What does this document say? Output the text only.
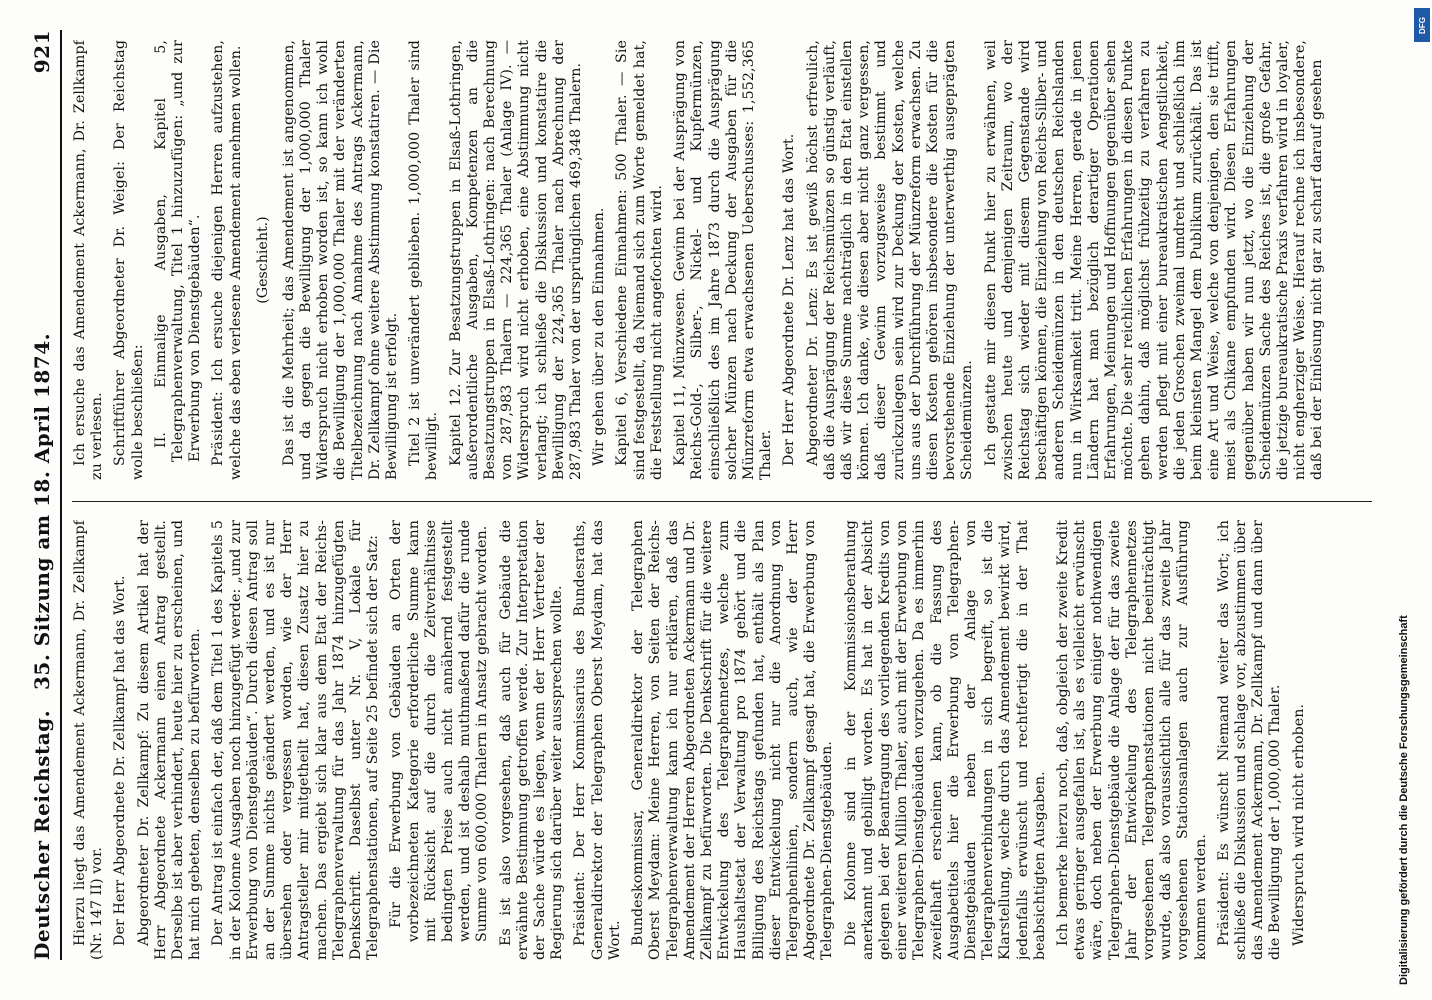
Deutscher Reichstag.
35. Sitzung am 18. April 1874.
921

Hierzu liegt das Amendement Ackermann, Dr. Zellkampf (Nr. 147 II) vor. Der Herr Abgeordnete Dr. Zellkampf hat das Wort. Abgeordneter Dr. Zellkampf: Zu diesem Artikel hat der Herr Abgeordnete Ackermann einen Antrag gestellt. Derselbe ist aber verhindert, heute hier zu erscheinen, und hat mich gebeten, denselben zu befürworten. Der Antrag ist einfach der, daß dem Titel 1 des Kapitels 5 in der Kolonne Ausgaben noch hinzugefügt werde: „und zur Erwerbung von Dienstgebäuden“. Durch diesen Antrag soll an der Summe nichts geändert werden, und es ist nur übersehen oder vergessen worden, wie der Herr Antragsteller mir mitgetheilt hat, diesen Zusatz hier zu machen. Das ergiebt sich klar aus dem Etat der Reichs-Telegraphenverwaltung für das Jahr 1874 hinzugefügten Denkschrift. Daselbst unter Nr. V, Lokale für Telegraphenstationen, auf Seite 25 befindet sich der Satz: Für die Erwerbung von Gebäuden an Orten der vorbezeichneten Kategorie erforderliche Summe kann mit Rücksicht auf die durch die Zeitverhältnisse bedingten Preise auch nicht annähernd festgestellt werden, und ist deshalb muthmaßend dafür die runde Summe von 600,000 Thalern in Ansatz gebracht worden. Es ist also vorgesehen, daß auch für Gebäude die erwähnte Bestimmung getroffen werde. Zur Interpretation der Sache würde es liegen, wenn der Herr Vertreter der Regierung sich darüber weiter aussprechen wollte. Präsident: Der Herr Kommissarius des Bundesraths, Generaldirektor der Telegraphen Oberst Meydam, hat das Wort. Bundeskommissar, Generaldirektor der Telegraphen Oberst Meydam: Meine Herren, von Seiten der Reichs-Telegraphenverwaltung kann ich nur erklären, daß das Amendement der Herren Abgeordneten Ackermann und Dr. Zellkampf zu befürworten. Die Denkschrift für die weitere Entwickelung des Telegraphennetzes, welche zum Haushaltsetat der Verwaltung pro 1874 gehört und die Billigung des Reichstags gefunden hat, enthält als Plan dieser Entwickelung nicht nur die Anordnung von Telegraphenlinien, sondern auch, wie der Herr Abgeordnete Dr. Zellkampf gesagt hat, die Erwerbung von Telegraphen-Dienstgebäuden. Die Kolonne sind in der Kommissionsberathung anerkannt und gebilligt worden. Es hat in der Absicht gelegen bei der Beantragung des vorliegenden Kredits von einer weiteren Million Thaler, auch mit der Erwerbung von Telegraphen-Dienstgebäuden vorzugehen. Da es immerhin zweifelhaft erscheinen kann, ob die Fassung des Ausgabetitels hier die Erwerbung von Telegraphen-Dienstgebäuden neben der Anlage von Telegraphenverbindungen in sich begreift, so ist die Klarstellung, welche durch das Amendement bewirkt wird, jedenfalls erwünscht und rechtfertigt die in der That beabsichtigten Ausgaben. Ich bemerke hierzu noch, daß, obgleich der zweite Kredit etwas geringer ausgefallen ist, als es vielleicht erwünscht wäre, doch neben der Erwerbung einiger nothwendigen Telegraphen-Dienstgebäude die Anlage der für das zweite Jahr der Entwickelung des Telegraphennetzes vorgesehenen Telegraphenstationen nicht beeinträchtigt wurde, daß also voraussichtlich alle für das zweite Jahr vorgesehenen Stationsanlagen auch zur Ausführung kommen werden. Präsident: Es wünscht Niemand weiter das Wort; ich schließe die Diskussion und schlage vor, abzustimmen über das Amendement Ackermann, Dr. Zellkampf und dann über die Bewilligung der 1,000,000 Thaler. Widerspruch wird nicht erhoben.

Ich ersuche das Amendement Ackermann, Dr. Zellkampf zu verlesen. Schriftführer Abgeordneter Dr. Weigel: Der Reichstag wolle beschließen: II. Einmalige Ausgaben, Kapitel 5, Telegraphenverwaltung, Titel 1 hinzuzufügen: „und zur Erwerbung von Dienstgebäuden“. Präsident: Ich ersuche diejenigen Herren aufzustehen, welche das eben verlesene Amendement annehmen wollen. (Geschieht.) Das ist die Mehrheit; das Amendement ist angenommen, und da gegen die Bewilligung der 1,000,000 Thaler Widerspruch nicht erhoben worden ist, so kann ich wohl die Bewilligung der 1,000,000 Thaler mit der veränderten Titelbezeichnung nach Annahme des Antrags Ackermann, Dr. Zellkampf ohne weitere Abstimmung konstatiren. — Die Bewilligung ist erfolgt. Titel 2 ist unverändert geblieben. 1,000,000 Thaler sind bewilligt. Kapitel 12. Zur Besatzungstruppen in Elsaß-Lothringen, außerordentliche Ausgaben, Kompetenzen an die Besatzungstruppen in Elsaß-Lothringen: nach Berechnung von 287,983 Thalern — 224,365 Thaler (Anlage IV). — Widerspruch wird nicht erhoben, eine Abstimmung nicht verlangt; ich schließe die Diskussion und konstatire die Bewilligung der 224,365 Thaler nach Abrechnung der 287,983 Thaler von der ursprünglichen 469,348 Thalern. Wir gehen über zu den Einnahmen. Kapitel 6, Verschiedene Einnahmen: 500 Thaler. — Sie sind festgestellt, da Niemand sich zum Worte gemeldet hat, die Feststellung nicht angefochten wird. Kapitel 11, Münzwesen. Gewinn bei der Ausprägung von Reichs-Gold-, Silber-, Nickel- und Kupfermünzen, einschließlich des im Jahre 1873 durch die Ausprägung solcher Münzen nach Deckung der Ausgaben für die Münzreform etwa erwachsenen Ueberschusses: 1,552,365 Thaler. Der Herr Abgeordnete Dr. Lenz hat das Wort. Abgeordneter Dr. Lenz: Es ist gewiß höchst erfreulich, daß die Ausprägung der Reichsmünzen so günstig verläuft, daß wir diese Summe nachträglich in den Etat einstellen können. Ich danke, wie diesen aber nicht ganz vergessen, daß dieser Gewinn vorzugsweise bestimmt und zurückzulegen sein wird zur Deckung der Kosten, welche uns aus der Durchführung der Münzreform erwachsen. Zu diesen Kosten gehören insbesondere die Kosten für die bevorstehende Einziehung der unterwerthig ausgeprägten Scheidemünzen. Ich gestatte mir diesen Punkt hier zu erwähnen, weil zwischen heute und demjenigen Zeitraum, wo der Reichstag sich wieder mit diesem Gegenstande wird beschäftigen können, die Einziehung von Reichs-Silber- und anderen Scheidemünzen in den deutschen Reichslanden nun in Wirksamkeit tritt. Meine Herren, gerade in jenen Ländern hat man bezüglich derartiger Operationen Erfahrungen, Meinungen und Hoffnungen gegenüber sehen möchte. Die sehr reichlichen Erfahrungen in diesen Punkte gehen dahin, daß möglichst frühzeitig zu verfahren zu werden pflegt mit einer bureaukratischen Aengstlichkeit, die jeden Groschen zweimal umdreht und schließlich ihm beim kleinsten Mangel dem Publikum zurückhält. Das ist eine Art und Weise, welche von denjenigen, den sie trifft, meist als Chikane empfunden wird. Diesen Erfahrungen gegenüber haben wir nun jetzt, wo die Einziehung der Scheidemünzen Sache des Reiches ist, die große Gefahr, die jetzige bureaukratische Praxis verfahren wird in loyaler, nicht engherziger Weise. Hierauf rechne ich insbesondere, daß bei der Einlösung nicht gar zu scharf darauf gesehen

Digitalisierung gefördert durch die Deutsche Forschungsgemeinschaft
DFG
